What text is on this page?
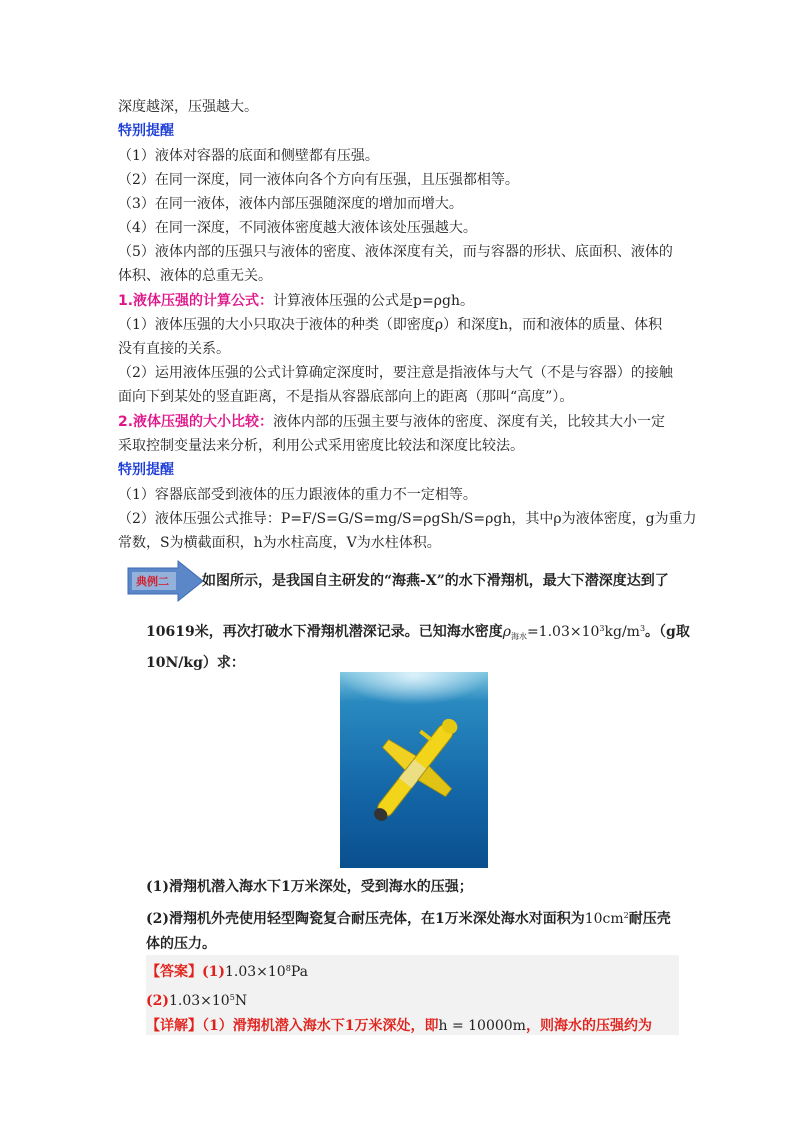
深度越深，压强越大。
特别提醒
（1）液体对容器的底面和侧壁都有压强。
（2）在同一深度，同一液体向各个方向有压强，且压强都相等。
（3）在同一液体，液体内部压强随深度的增加而增大。
（4）在同一深度，不同液体密度越大液体该处压强越大。
（5）液体内部的压强只与液体的密度、液体深度有关，而与容器的形状、底面积、液体的
体积、液体的总重无关。
1.液体压强的计算公式：计算液体压强的公式是p=ρgh。
（1）液体压强的大小只取决于液体的种类（即密度ρ）和深度h，而和液体的质量、体积
没有直接的关系。
（2）运用液体压强的公式计算确定深度时，要注意是指液体与大气（不是与容器）的接触
面向下到某处的竖直距离，不是指从容器底部向上的距离（那叫“高度”）。
2.液体压强的大小比较：液体内部的压强主要与液体的密度、深度有关，比较其大小一定
采取控制变量法来分析，利用公式采用密度比较法和深度比较法。
特别提醒
（1）容器底部受到液体的压力跟液体的重力不一定相等。
（2）液体压强公式推导：P=F/S=G/S=mg/S=ρgSh/S=ρgh，其中ρ为液体密度，g为重力
常数，S为横截面积，h为水柱高度，V为水柱体积。
典例二 如图所示，是我国自主研发的“海燕-X”的水下滑翔机，最大下潜深度达到了
10619米，再次打破水下滑翔机潜深记录。已知海水密度$\rho_{海水}=1.03\times 10^3kg/m^3$。（g取
10N/kg）求：
(1)滑翔机潜入海水下1万米深处，受到海水的压强；
(2)滑翔机外壳使用轻型陶瓷复合耐压壳体，在1万米深处海水对面积为$10cm^2$耐压壳
体的压力。
【答案】$(1)1.03\times 10^8Pa$
$(2)1.03\times 10^5N$
【详解】（1）滑翔机潜入海水下1万米深处，即h = 10000m，则海水的压强约为
